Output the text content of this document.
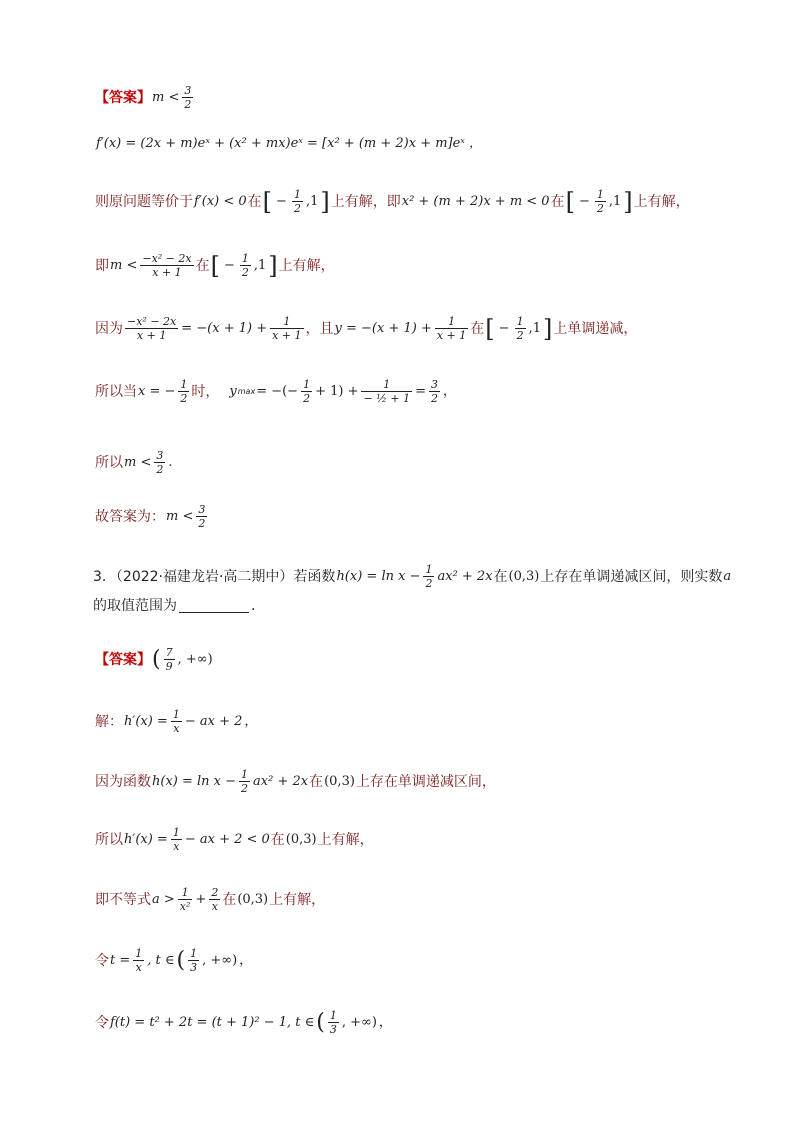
【答案】 $m < \frac{3}{2}$
f′(x) = (2x + m)eˣ + (x² + mx)eˣ = [x² + (m + 2)x + m]eˣ ，
则原问题等价于 f′(x) < 0 在 [ − $\frac{1}{2} ,1$ ] 上有解，即 x² + (m + 2)x + m < 0 在 [ − $\frac{1}{2} ,1$ ] 上有解，
即 $m < \frac{\text{−x² − 2x}}{x + 1}$ 在 [ − $\frac{1}{2} ,1$ ] 上有解，
因为 $\frac{\text{−x² − 2x}}{x + 1} = -(x + 1) + \frac{1}{x + 1}$ ，且 $y = -(x + 1) + \frac{1}{x + 1}$ 在 [ − $\frac{1}{2} ,1$ ] 上单调递减，
所以当 x = − $\frac{1}{2}$ 时， y max = −(− $\frac{1}{2} + 1) + \frac{1}{\text{− ½ + 1}} = \frac{3}{2}$ ，
所以 $m < \frac{3}{2}$ .
故答案为： $m < \frac{3}{2}$
3．（2022·福建龙岩·高二期中）若函数 $h(x) = \ln x - \frac{1}{2} ax^2 + 2x$ 在 (0,3) 上存在单调递减区间，则实数 a
的取值范围为	.
【答案】 ( $\frac{7}{9}$ , +∞)
解： $h'(x) = \frac{1}{x}$ − ax + 2 ，
因为函数 $h(x) = \ln x - \frac{1}{2} ax^2 + 2x$ 在 (0,3) 上存在单调递减区间，
所以 $h'(x) = \frac{1}{x}$ − ax + 2 < 0 在 (0,3) 上有解，
即不等式 $a > \frac{1}{\text{x²}} + \frac{2}{x}$ 在 (0,3) 上有解，
令 $t = \frac{1}{x}$ , t ∈ ( $\frac{1}{3}$ , +∞) ，
令 f(t) = t² + 2t = (t + 1)² − 1, t ∈ ( $\frac{1}{3}$ , +∞) ，
